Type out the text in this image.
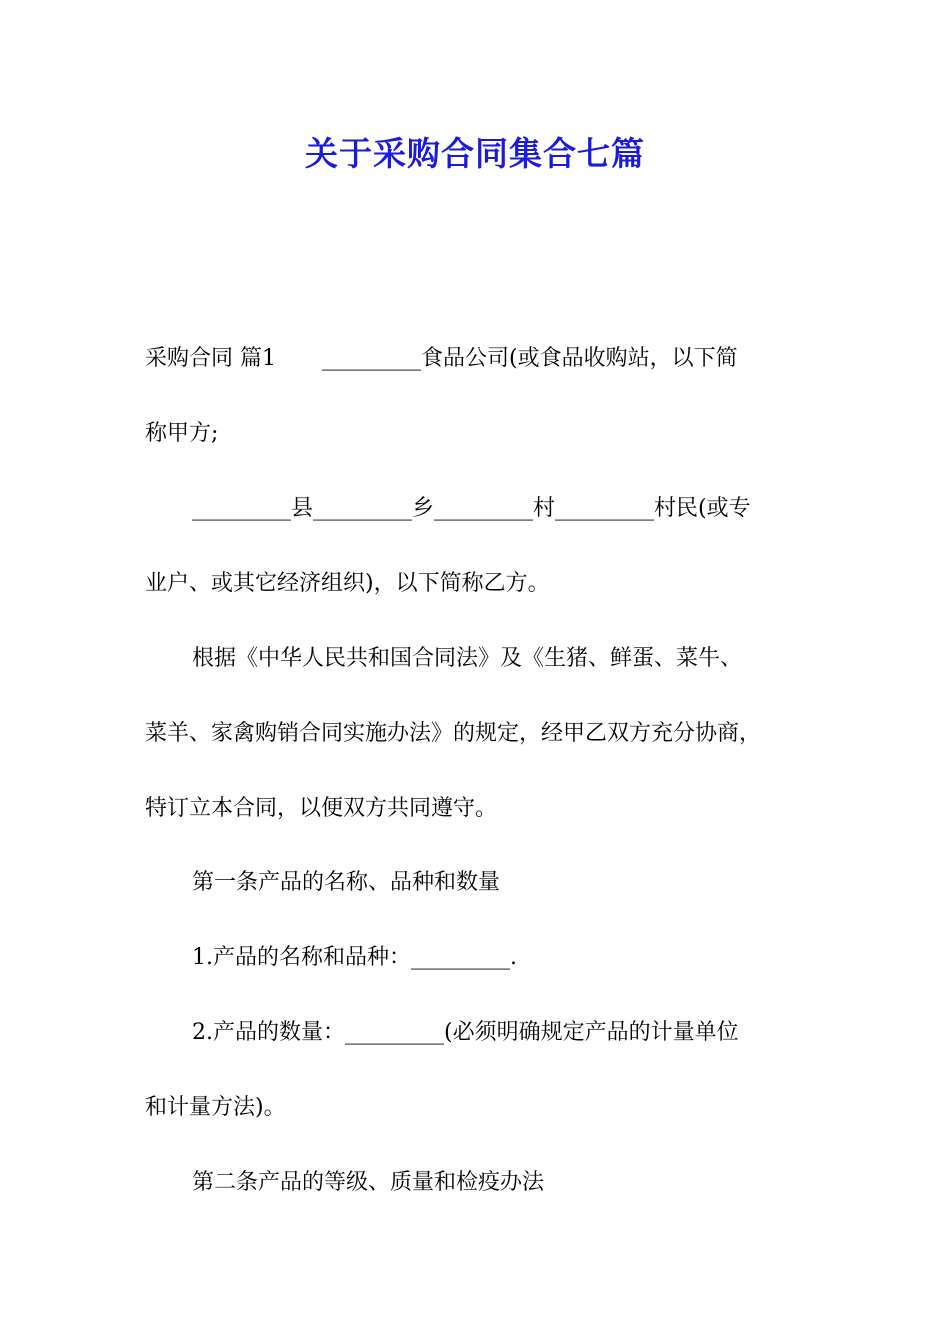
关于采购合同集合七篇

采购合同 篇1 _________食品公司(或食品收购站，以下简

称甲方;

_________县_________乡_________村_________村民(或专

业户、或其它经济组织)，以下简称乙方。

根据《中华人民共和国合同法》及《生猪、鲜蛋、菜牛、

菜羊、家禽购销合同实施办法》的规定，经甲乙双方充分协商，

特订立本合同，以便双方共同遵守。

第一条产品的名称、品种和数量

1.产品的名称和品种：_________.

2.产品的数量：_________(必须明确规定产品的计量单位

和计量方法)。

第二条产品的等级、质量和检疫办法
